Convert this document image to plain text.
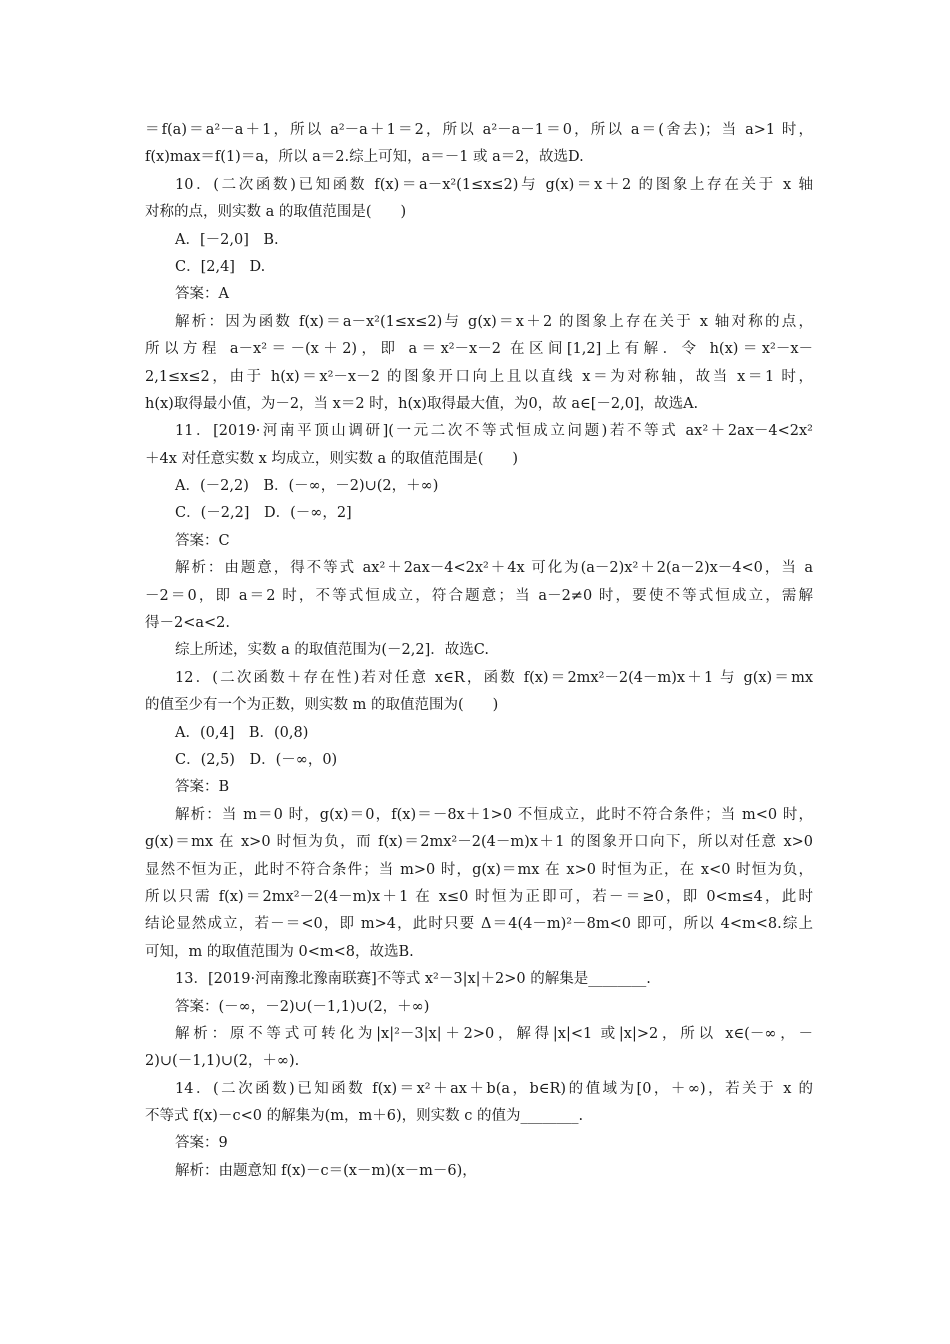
＝f(a)＝a²－a＋1，所以 a²－a＋1＝2，所以 a²－a－1＝0，所以 a＝(舍去)；当 a>1 时，
f(x)max＝f(1)＝a，所以 a＝2.综上可知，a＝－1 或 a＝2，故选D.
10．(二次函数)已知函数 f(x)＝a－x²(1≤x≤2)与 g(x)＝x＋2 的图象上存在关于 x 轴
对称的点，则实数 a 的取值范围是(　　)
A．[－2,0]　B.
C．[2,4]　D.
答案：A
解析：因为函数 f(x)＝a－x²(1≤x≤2)与 g(x)＝x＋2 的图象上存在关于 x 轴对称的点，
所以方程 a－x²＝－(x＋2)，即 a＝x²－x－2 在区间[1,2]上有解．令 h(x)＝x²－x－
2,1≤x≤2，由于 h(x)＝x²－x－2 的图象开口向上且以直线 x＝为对称轴，故当 x＝1 时，
h(x)取得最小值，为－2，当 x＝2 时，h(x)取得最大值，为0，故 a∈[－2,0]，故选A.
11．[2019·河南平顶山调研](一元二次不等式恒成立问题)若不等式 ax²＋2ax－4<2x²
＋4x 对任意实数 x 均成立，则实数 a 的取值范围是(　　)
A．(－2,2)　B．(－∞，－2)∪(2，＋∞)
C．(－2,2]　D．(－∞，2]
答案：C
解析：由题意，得不等式 ax²＋2ax－4<2x²＋4x 可化为(a－2)x²＋2(a－2)x－4<0，当 a
－2＝0，即 a＝2 时，不等式恒成立，符合题意；当 a－2≠0 时，要使不等式恒成立，需解
得－2<a<2.
综上所述，实数 a 的取值范围为(－2,2]．故选C.
12．(二次函数＋存在性)若对任意 x∈R，函数 f(x)＝2mx²－2(4－m)x＋1 与 g(x)＝mx
的值至少有一个为正数，则实数 m 的取值范围为(　　)
A．(0,4]　B．(0,8)
C．(2,5)　D．(－∞，0)
答案：B
解析：当 m＝0 时，g(x)＝0，f(x)＝－8x＋1>0 不恒成立，此时不符合条件；当 m<0 时，
g(x)＝mx 在 x>0 时恒为负，而 f(x)＝2mx²－2(4－m)x＋1 的图象开口向下，所以对任意 x>0
显然不恒为正，此时不符合条件；当 m>0 时，g(x)＝mx 在 x>0 时恒为正，在 x<0 时恒为负，
所以只需 f(x)＝2mx²－2(4－m)x＋1 在 x≤0 时恒为正即可，若－＝≥0，即 0<m≤4，此时
结论显然成立，若－＝<0，即 m>4，此时只要 Δ＝4(4－m)²－8m<0 即可，所以 4<m<8.综上
可知，m 的取值范围为 0<m<8，故选B.
13．[2019·河南豫北豫南联赛]不等式 x²－3|x|＋2>0 的解集是________.
答案：(－∞，－2)∪(－1,1)∪(2，＋∞)
解析：原不等式可转化为|x|²－3|x|＋2>0，解得|x|<1 或|x|>2，所以 x∈(－∞，－
2)∪(－1,1)∪(2，＋∞).
14．(二次函数)已知函数 f(x)＝x²＋ax＋b(a，b∈R)的值域为[0，＋∞)，若关于 x 的
不等式 f(x)－c<0 的解集为(m，m＋6)，则实数 c 的值为________.
答案：9
解析：由题意知 f(x)－c＝(x－m)(x－m－6)，
